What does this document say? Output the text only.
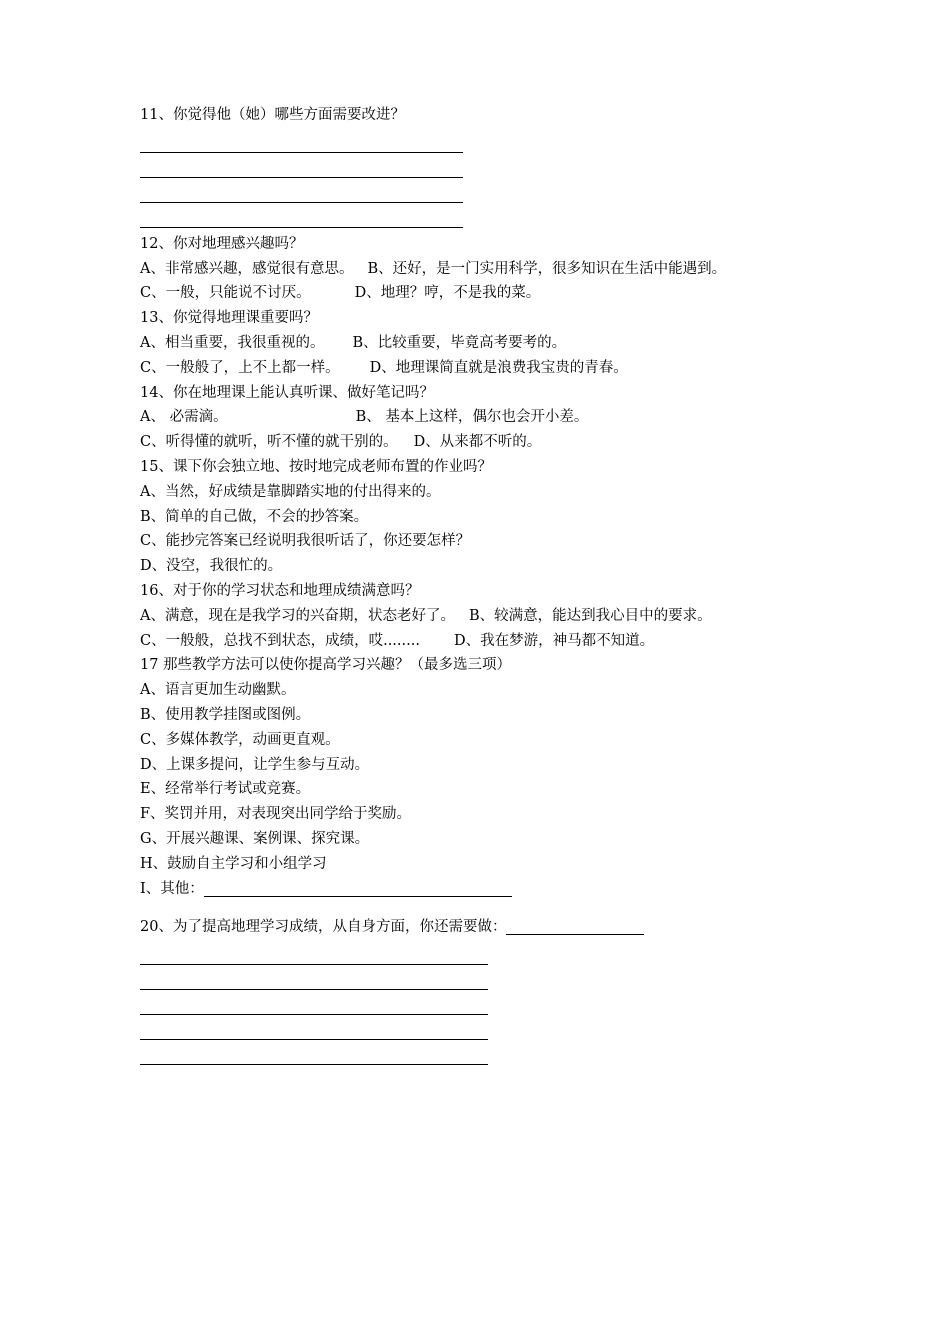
11、你觉得他（她）哪些方面需要改进？
12、你对地理感兴趣吗？
A、非常感兴趣，感觉很有意思。 B、还好，是一门实用科学，很多知识在生活中能遇到。
C、一般，只能说不讨厌。	D、地理？哼，不是我的菜。
13、你觉得地理课重要吗？
A、相当重要，我很重视的。 B、比较重要，毕竟高考要考的。
C、一般般了，上不上都一样。 D、地理课简直就是浪费我宝贵的青春。
14、你在地理课上能认真听课、做好笔记吗？
A、 必需滴。	B、 基本上这样，偶尔也会开小差。
C、听得懂的就听，听不懂的就干别的。 D、从来都不听的。
15、课下你会独立地、按时地完成老师布置的作业吗？
A、当然，好成绩是靠脚踏实地的付出得来的。
B、简单的自己做，不会的抄答案。
C、能抄完答案已经说明我很听话了，你还要怎样？
D、没空，我很忙的。
16、对于你的学习状态和地理成绩满意吗？
A、满意，现在是我学习的兴奋期，状态老好了。 B、较满意，能达到我心目中的要求。
C、一般般，总找不到状态，成绩，哎........ D、我在梦游，神马都不知道。
17 那些教学方法可以使你提高学习兴趣？（最多选三项）
A、语言更加生动幽默。
B、使用教学挂图或图例。
C、多媒体教学，动画更直观。
D、上课多提问，让学生参与互动。
E、经常举行考试或竞赛。
F、奖罚并用，对表现突出同学给于奖励。
G、开展兴趣课、案例课、探究课。
H、鼓励自主学习和小组学习
I、其他：
20、为了提高地理学习成绩，从自身方面，你还需要做：
